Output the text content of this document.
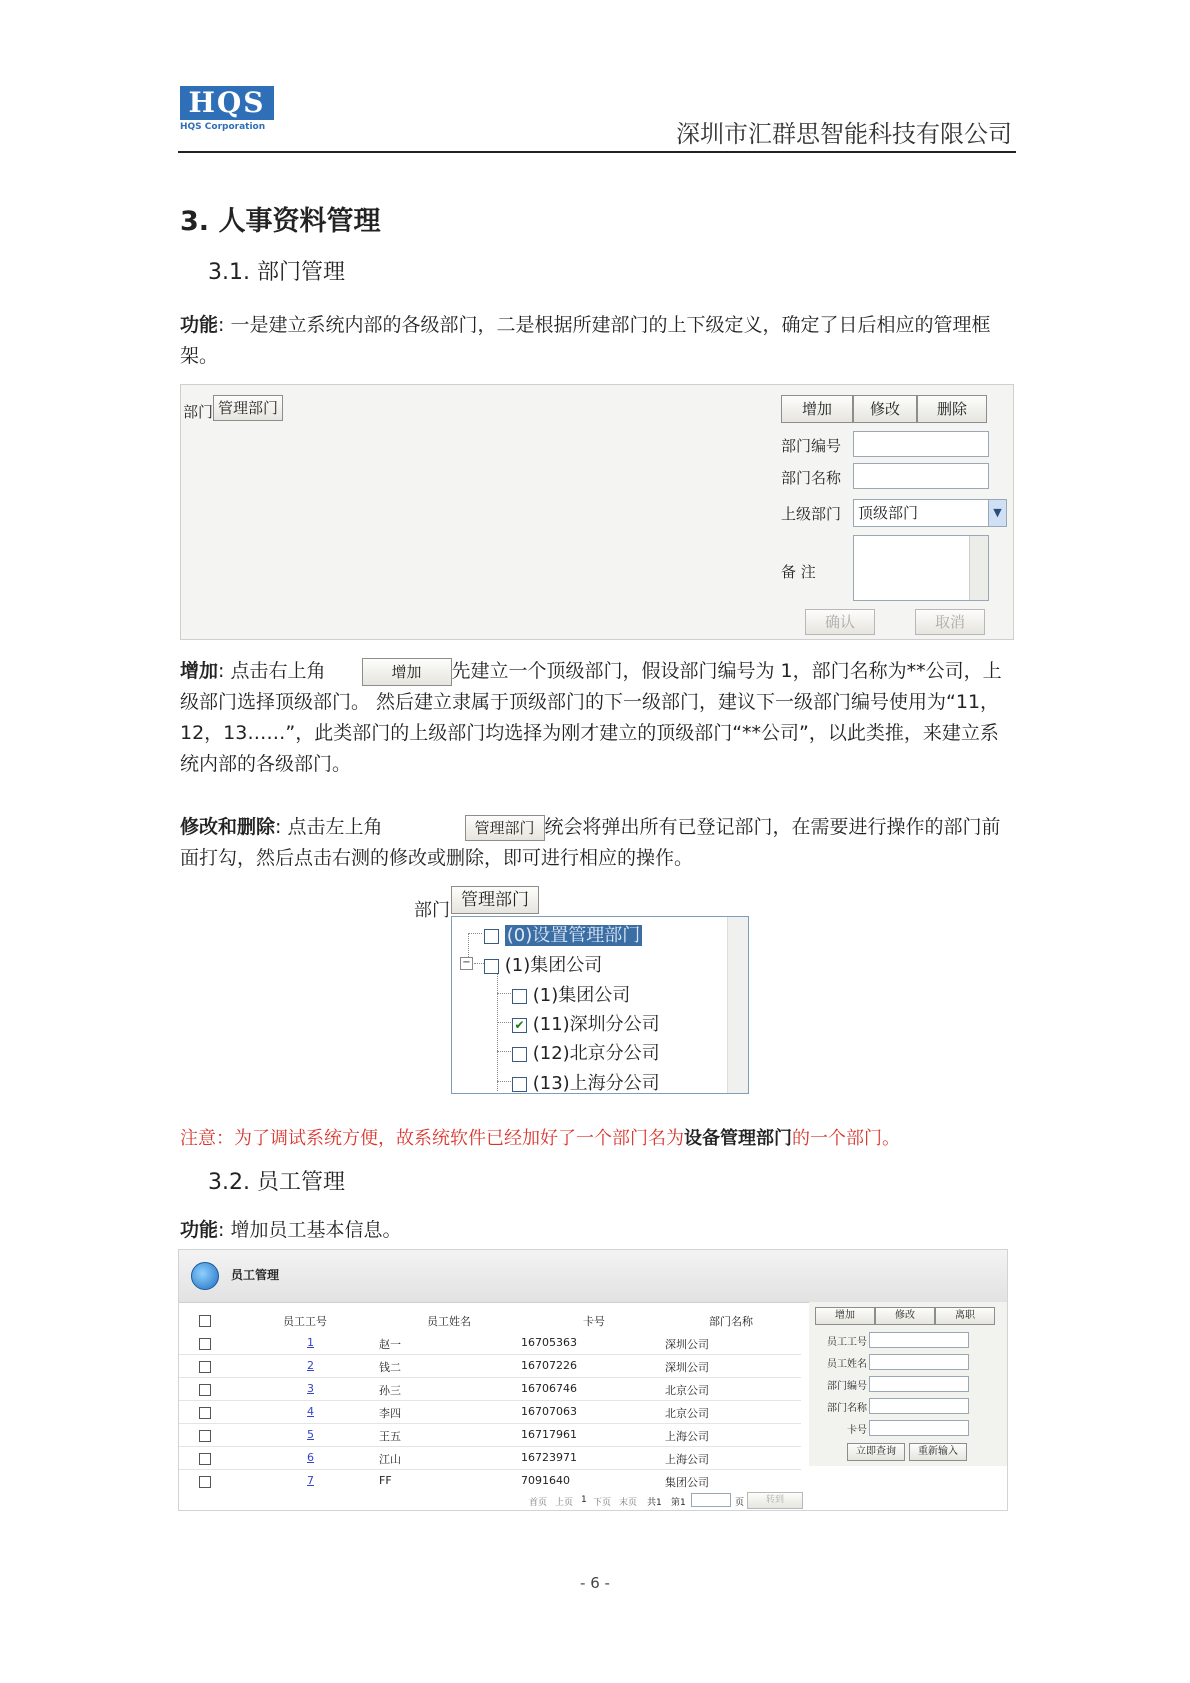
HQS
HQS Corporation	深圳市汇群思智能科技有限公司
3. 人事资料管理
3.1. 部门管理
功能: 一是建立系统内部的各级部门，二是根据所建部门的上下级定义，确定了日后相应的管理框架。
部门 管理部门	增加	修改	删除
部门编号
部门名称
上级部门	顶级部门	▼
备 注
确认	取消
增加: 点击右上角	增加 先建立一个顶级部门，假设部门编号为 1，部门名称为**公司，上级部门选择顶级部门。 然后建立隶属于顶级部门的下一级部门，建议下一级部门编号使用为“11，12，13……”，此类部门的上级部门均选择为刚才建立的顶级部门“**公司”，以此类推，来建立系统内部的各级部门。
修改和删除: 点击左上角	管理部门 统会将弹出所有已登记部门，在需要进行操作的部门前面打勾，然后点击右测的修改或删除，即可进行相应的操作。
部门 管理部门
−
(0)设置管理部门
(1)集团公司
(1)集团公司
✔ (11)深圳分公司
(12)北京分公司
(13)上海分公司
注意：为了调试系统方便，故系统软件已经加好了一个部门名为设备管理部门的一个部门。
3.2. 员工管理
功能: 增加员工基本信息。
员工管理
员工工号	员工姓名	卡号	部门名称
1	赵一	16705363	深圳公司
2	钱二	16707226	深圳公司
3	孙三	16706746	北京公司
4	李四	16707063	北京公司
5	王五	16717961	上海公司
6	江山	16723971	上海公司
7	FF	7091640	集团公司
首页 上页 1 下页 末页 共1 第1	页	转到
增加	修改	离职
员工工号
员工姓名
部门编号
部门名称
卡号
立即查询	重新输入
- 6 -
